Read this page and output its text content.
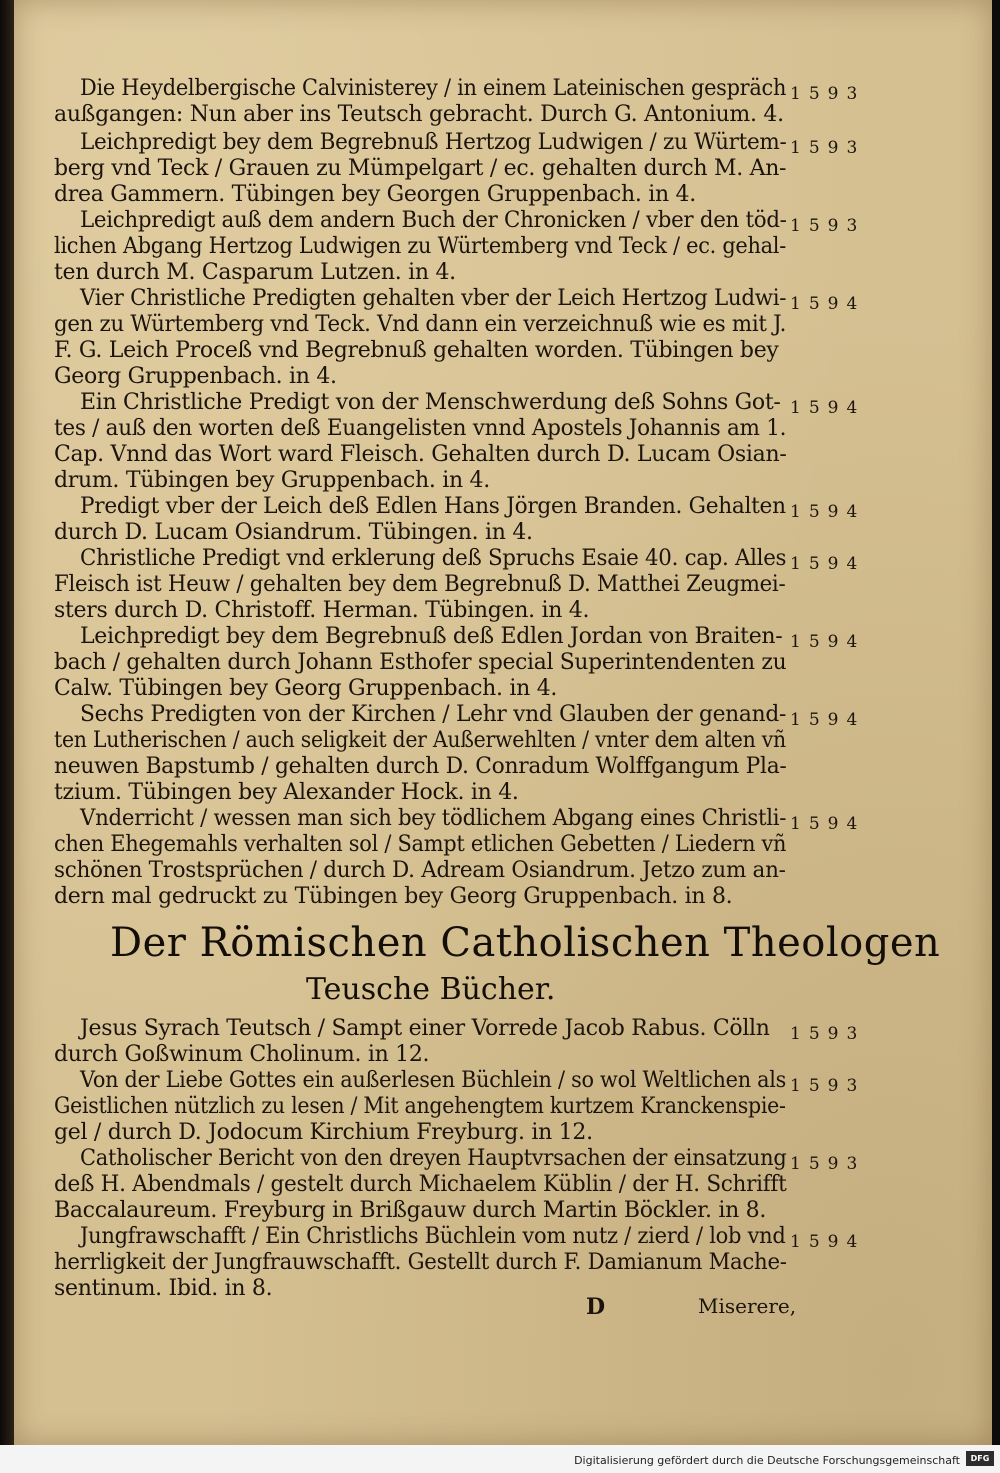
Die Heydelbergische Calvinisterey / in einem Lateinischen gespräch
außgangen: Nun aber ins Teutsch gebracht. Durch G. Antonium. 4.
1593
Leichpredigt bey dem Begrebnuß Hertzog Ludwigen / zu Würtem-
berg vnd Teck / Grauen zu Mümpelgart / ec. gehalten durch M. An-
drea Gammern. Tübingen bey Georgen Gruppenbach. in 4.
1593
Leichpredigt auß dem andern Buch der Chronicken / vber den töd-
lichen Abgang Hertzog Ludwigen zu Würtemberg vnd Teck / ec. gehal-
ten durch M. Casparum Lutzen. in 4.
1593
Vier Christliche Predigten gehalten vber der Leich Hertzog Ludwi-
gen zu Würtemberg vnd Teck. Vnd dann ein verzeichnuß wie es mit J.
F. G. Leich Proceß vnd Begrebnuß gehalten worden. Tübingen bey
Georg Gruppenbach. in 4.
1594
Ein Christliche Predigt von der Menschwerdung deß Sohns Got-
tes / auß den worten deß Euangelisten vnnd Apostels Johannis am 1.
Cap. Vnnd das Wort ward Fleisch. Gehalten durch D. Lucam Osian-
drum. Tübingen bey Gruppenbach. in 4.
1594
Predigt vber der Leich deß Edlen Hans Jörgen Branden. Gehalten
durch D. Lucam Osiandrum. Tübingen. in 4.
1594
Christliche Predigt vnd erklerung deß Spruchs Esaie 40. cap. Alles
Fleisch ist Heuw / gehalten bey dem Begrebnuß D. Matthei Zeugmei-
sters durch D. Christoff. Herman. Tübingen. in 4.
1594
Leichpredigt bey dem Begrebnuß deß Edlen Jordan von Braiten-
bach / gehalten durch Johann Esthofer special Superintendenten zu
Calw. Tübingen bey Georg Gruppenbach. in 4.
1594
Sechs Predigten von der Kirchen / Lehr vnd Glauben der genand-
ten Lutherischen / auch seligkeit der Außerwehlten / vnter dem alten vñ
neuwen Bapstumb / gehalten durch D. Conradum Wolffgangum Pla-
tzium. Tübingen bey Alexander Hock. in 4.
1594
Vnderricht / wessen man sich bey tödlichem Abgang eines Christli-
chen Ehegemahls verhalten sol / Sampt etlichen Gebetten / Liedern vñ
schönen Trostsprüchen / durch D. Adream Osiandrum. Jetzo zum an-
dern mal gedruckt zu Tübingen bey Georg Gruppenbach. in 8.
1594
Der Römischen Catholischen Theologen
Teusche Bücher.
Jesus Syrach Teutsch / Sampt einer Vorrede Jacob Rabus. Cölln
durch Goßwinum Cholinum. in 12.
1593
Von der Liebe Gottes ein außerlesen Büchlein / so wol Weltlichen als
Geistlichen nützlich zu lesen / Mit angehengtem kurtzem Kranckenspie-
gel / durch D. Jodocum Kirchium Freyburg. in 12.
1593
Catholischer Bericht von den dreyen Hauptvrsachen der einsatzung
deß H. Abendmals / gestelt durch Michaelem Küblin / der H. Schrifft
Baccalaureum. Freyburg in Brißgauw durch Martin Böckler. in 8.
1593
Jungfrawschafft / Ein Christlichs Büchlein vom nutz / zierd / lob vnd
herrligkeit der Jungfrauwschafft. Gestellt durch F. Damianum Mache-
sentinum. Ibid. in 8.
1594
D	Miserere,
Digitalisierung gefördert durch die Deutsche Forschungsgemeinschaft	DFG
